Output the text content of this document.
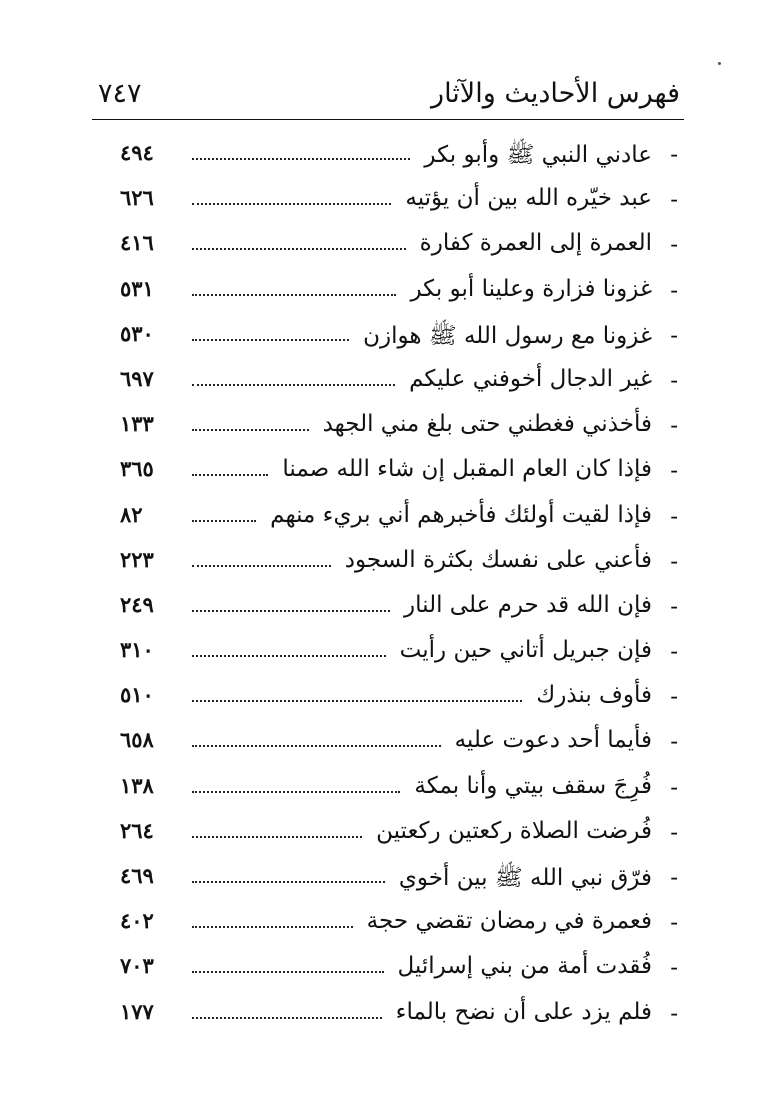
فهرس الأحاديث والآثار
٧٤٧
-
عادني النبي ﷺ وأبو بكر
٤٩٤
-
عبد خيّره الله بين أن يؤتيه
٦٢٦
-
العمرة إلى العمرة كفارة
٤١٦
-
غزونا فزارة وعلينا أبو بكر
٥٣١
-
غزونا مع رسول الله ﷺ هوازن
٥٣٠
-
غير الدجال أخوفني عليكم
٦٩٧
-
فأخذني فغطني حتى بلغ مني الجهد
١٣٣
-
فإذا كان العام المقبل إن شاء الله صمنا
٣٦٥
-
فإذا لقيت أولئك فأخبرهم أني بريء منهم
٨٢
-
فأعني على نفسك بكثرة السجود
٢٢٣
-
فإن الله قد حرم على النار
٢٤٩
-
فإن جبريل أتاني حين رأيت
٣١٠
-
فأوف بنذرك
٥١٠
-
فأيما أحد دعوت عليه
٦٥٨
-
فُرِجَ سقف بيتي وأنا بمكة
١٣٨
-
فُرضت الصلاة ركعتين ركعتين
٢٦٤
-
فرّق نبي الله ﷺ بين أخوي
٤٦٩
-
فعمرة في رمضان تقضي حجة
٤٠٢
-
فُقدت أمة من بني إسرائيل
٧٠٣
-
فلم يزد على أن نضح بالماء
١٧٧
